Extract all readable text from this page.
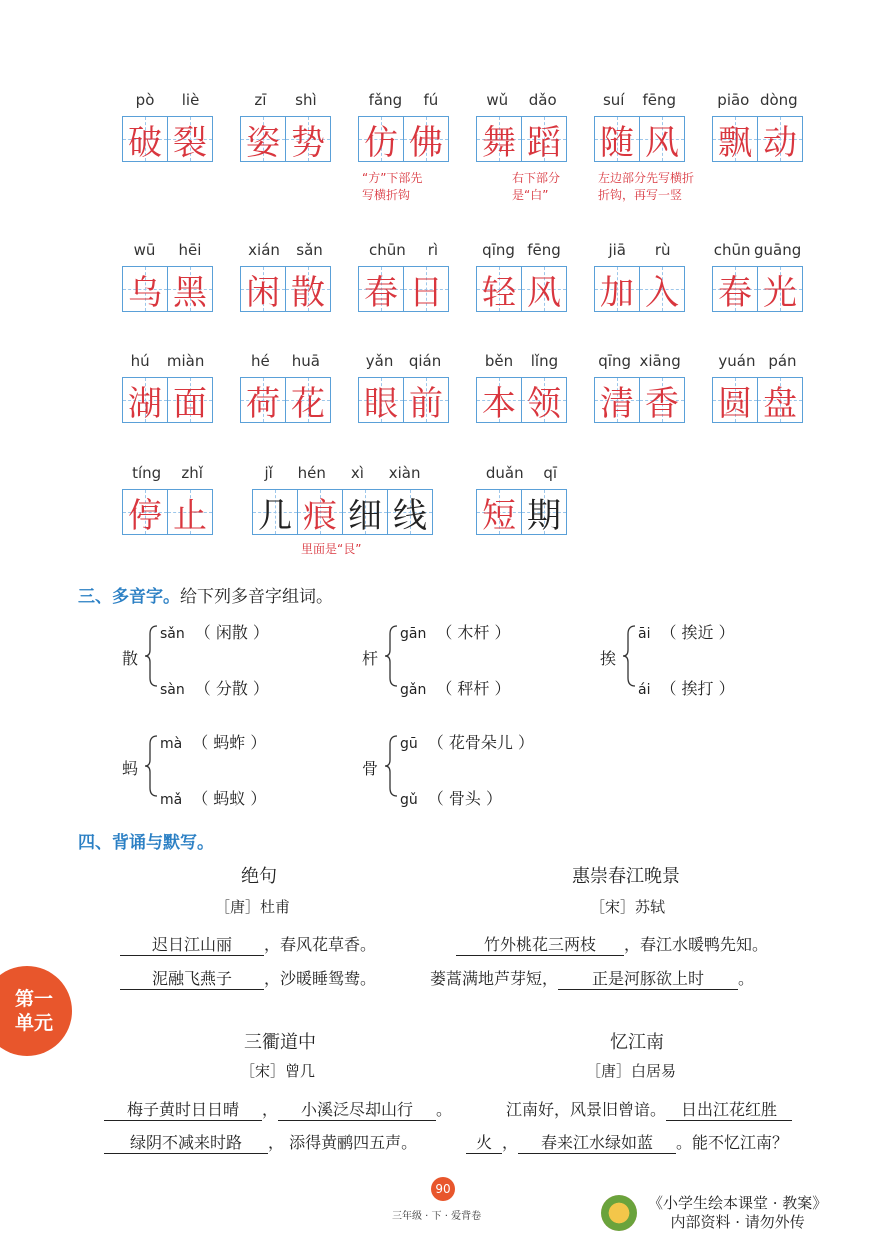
pò liè
破 裂
zī shì
姿 势
fǎng fú
仿 佛
wǔ dǎo
舞 蹈
suí fēng
随 风
piāo dòng
飘 动
wū hēi
乌 黑
xián sǎn
闲 散
chūn rì
春 日
qīng fēng
轻 风
jiā rù
加 入
chūn guāng
春 光
hú miàn
湖 面
hé huā
荷 花
yǎn qián
眼 前
běn lǐng
本 领
qīng xiāng
清 香
yuán pán
圆 盘
tíng zhǐ
停 止
jǐ hén xì xiàn
几 痕 细 线
duǎn qī
短 期
“方”下部先
写横折钩
右下部分
是“白”
左边部分先写横折
折钩，再写一竖
里面是“艮”
三、多音字。给下列多音字组词。
散
sǎn （ 闲散 ）
sàn （ 分散 ）
杆
gān （ 木杆 ）
gǎn （ 秤杆 ）
挨
āi （ 挨近 ）
ái （ 挨打 ）
蚂
mà （ 蚂蚱 ）
mǎ （ 蚂蚁 ）
骨
gū （ 花骨朵儿 ）
gǔ （ 骨头 ）
四、背诵与默写。
绝句
［唐］杜甫
迟日江山丽 ，春风花草香。
泥融飞燕子 ，沙暖睡鸳鸯。
惠崇春江晚景
［宋］苏轼
竹外桃花三两枝 ，春江水暖鸭先知。
蒌蒿满地芦芽短， 正是河豚欲上时 。
三衢道中
［宋］曾几
梅子黄时日日晴 ， 小溪泛尽却山行 。
绿阴不减来时路 ， 添得黄鹂四五声。
忆江南
［唐］白居易
江南好，风景旧曾谙。 日出江花红胜
火 ， 春来江水绿如蓝 。能不忆江南？
第一
单元
90
三年级 · 下 · 爱背卷
《小学生绘本课堂 · 教案》
内部资料 · 请勿外传
